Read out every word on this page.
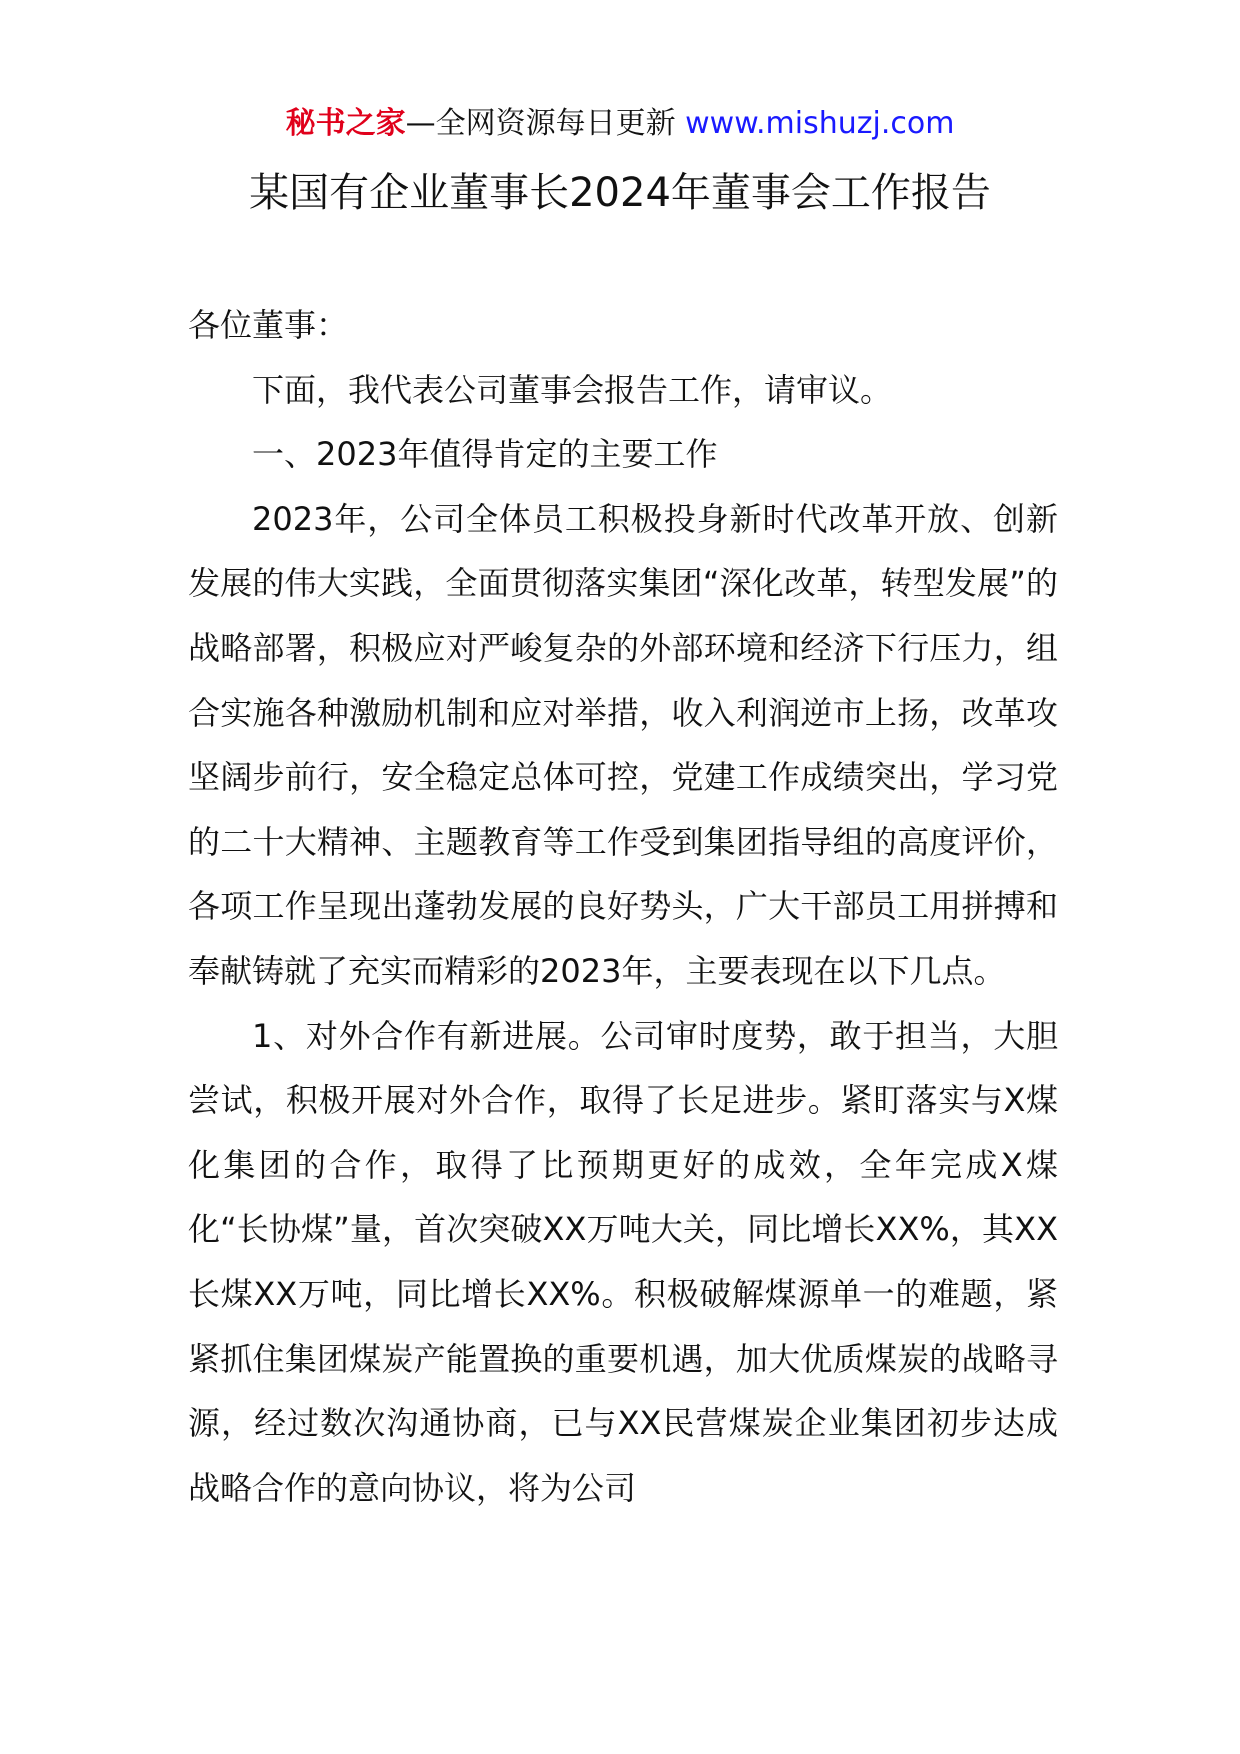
秘书之家—全网资源每日更新 www.mishuzj.com
某国有企业董事长2024年董事会工作报告

各位董事：

下面，我代表公司董事会报告工作，请审议。

一、2023年值得肯定的主要工作

2023年，公司全体员工积极投身新时代改革开放、创新发展的伟大实践，全面贯彻落实集团“深化改革，转型发展”的战略部署，积极应对严峻复杂的外部环境和经济下行压力，组合实施各种激励机制和应对举措，收入利润逆市上扬，改革攻坚阔步前行，安全稳定总体可控，党建工作成绩突出，学习党的二十大精神、主题教育等工作受到集团指导组的高度评价，各项工作呈现出蓬勃发展的良好势头，广大干部员工用拼搏和奉献铸就了充实而精彩的2023年，主要表现在以下几点。

1、对外合作有新进展。公司审时度势，敢于担当，大胆尝试，积极开展对外合作，取得了长足进步。紧盯落实与X煤化集团的合作，取得了比预期更好的成效，全年完成X煤化“长协煤”量，首次突破XX万吨大关，同比增长XX%，其XX长煤XX万吨，同比增长XX%。积极破解煤源单一的难题，紧紧抓住集团煤炭产能置换的重要机遇，加大优质煤炭的战略寻源，经过数次沟通协商，已与XX民营煤炭企业集团初步达成战略合作的意向协议，将为公司
